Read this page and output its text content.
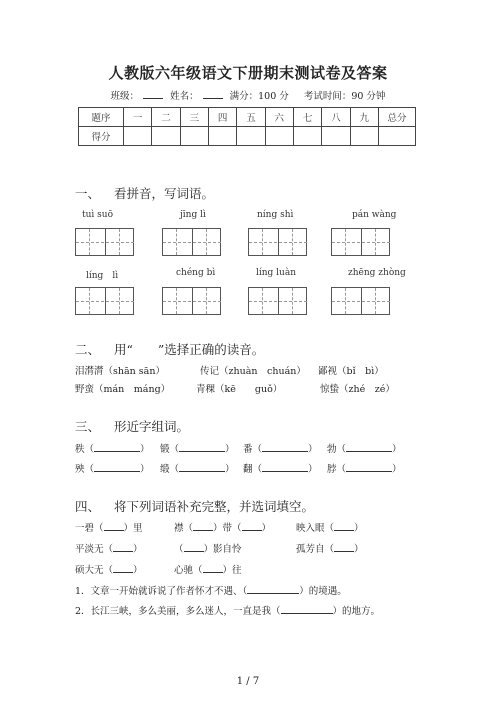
人教版六年级语文下册期末测试卷及答案
班级：	姓名：	满分：100 分 考试时间：90 分钟
题序	一	二	三	四	五	六	七	八	九	总分
得分										
一、 看拼音，写词语。
tuì suō	jīng lì	níng shì	pán wàng
líng　lì	chéng bì	líng luàn	zhēng zhòng
二、 用“　　”选择正确的读音。
泪潸潸（shān sān）	传记（zhuàn　chuán） 鄙视（bǐ　bì）
野蛮（mán　máng）	青稞（kē　　guǒ）	惊蛰（zhé　zé）
三、 形近字组词。
秩（	） 锻（	） 番（	） 勃（	）
殃（	） 缎（	） 翻（	） 脖（	）
四、 将下列词语补充完整，并选词填空。
一碧（ ）里	襟（ ）带（ ）	映入眼（ ）
平淡无（ ）	（ ）影自怜	孤芳自（ ）
硕大无（ ）	心驰（ ）往
1．文章一开始就诉说了作者怀才不遇、（	）的境遇。
2．长江三峡，多么美丽，多么迷人，一直是我（	）的地方。
1 / 7
